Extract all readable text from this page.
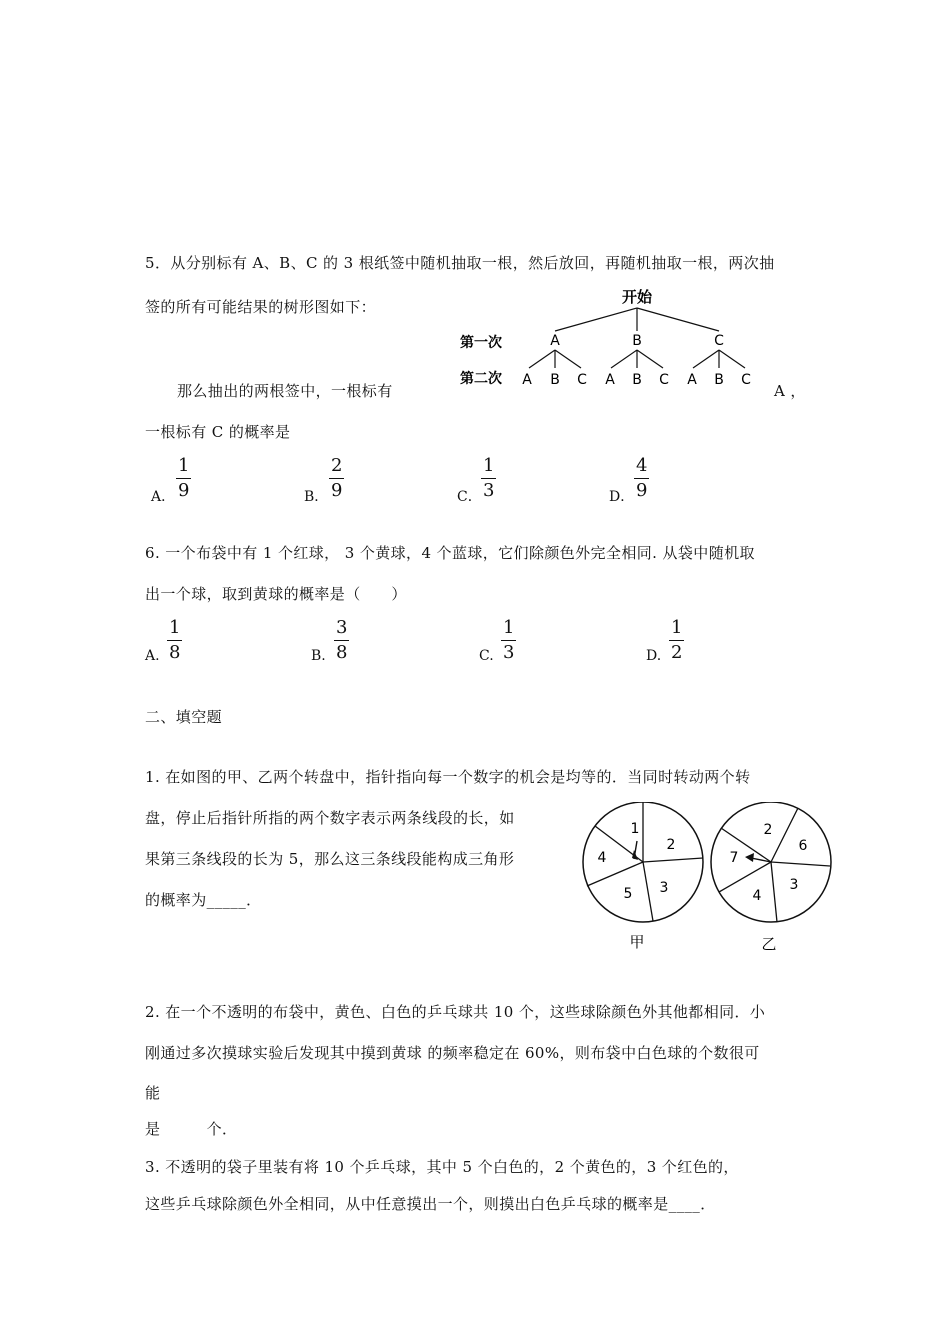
5．从分别标有 A、B、C 的 3 根纸签中随机抽取一根，然后放回，再随机抽取一根，两次抽
签的所有可能结果的树形图如下：
开始
第一次
第二次
A	B	C
A B C A B C A B C
那么抽出的两根签中，一根标有	A ，
一根标有 C 的概率是
A．
1
9	B．
2
9	C．
1
3	D．
4
9
6. 一个布袋中有 1 个红球， 3 个黄球，4 个蓝球，它们除颜色外完全相同. 从袋中随机取
出一个球，取到黄球的概率是（　　）
A.
1
8	B.
3
8	C.
1
3	D.
1
2
二、填空题
1. 在如图的甲、乙两个转盘中，指针指向每一个数字的机会是均等的．当同时转动两个转
盘，停止后指针所指的两个数字表示两条线段的长，如
果第三条线段的长为 5，那么这三条线段能构成三角形
的概率为_____．
1
2
3
5
4
甲
2
6
3
4
7
乙
2. 在一个不透明的布袋中，黄色、白色的乒乓球共 10 个，这些球除颜色外其他都相同．小
刚通过多次摸球实验后发现其中摸到黄球 的频率稳定在 60%，则布袋中白色球的个数很可
能
是　　　个．
3. 不透明的袋子里装有将 10 个乒乓球，其中 5 个白色的，2 个黄色的，3 个红色的，
这些乒乓球除颜色外全相同，从中任意摸出一个，则摸出白色乒乓球的概率是____．
